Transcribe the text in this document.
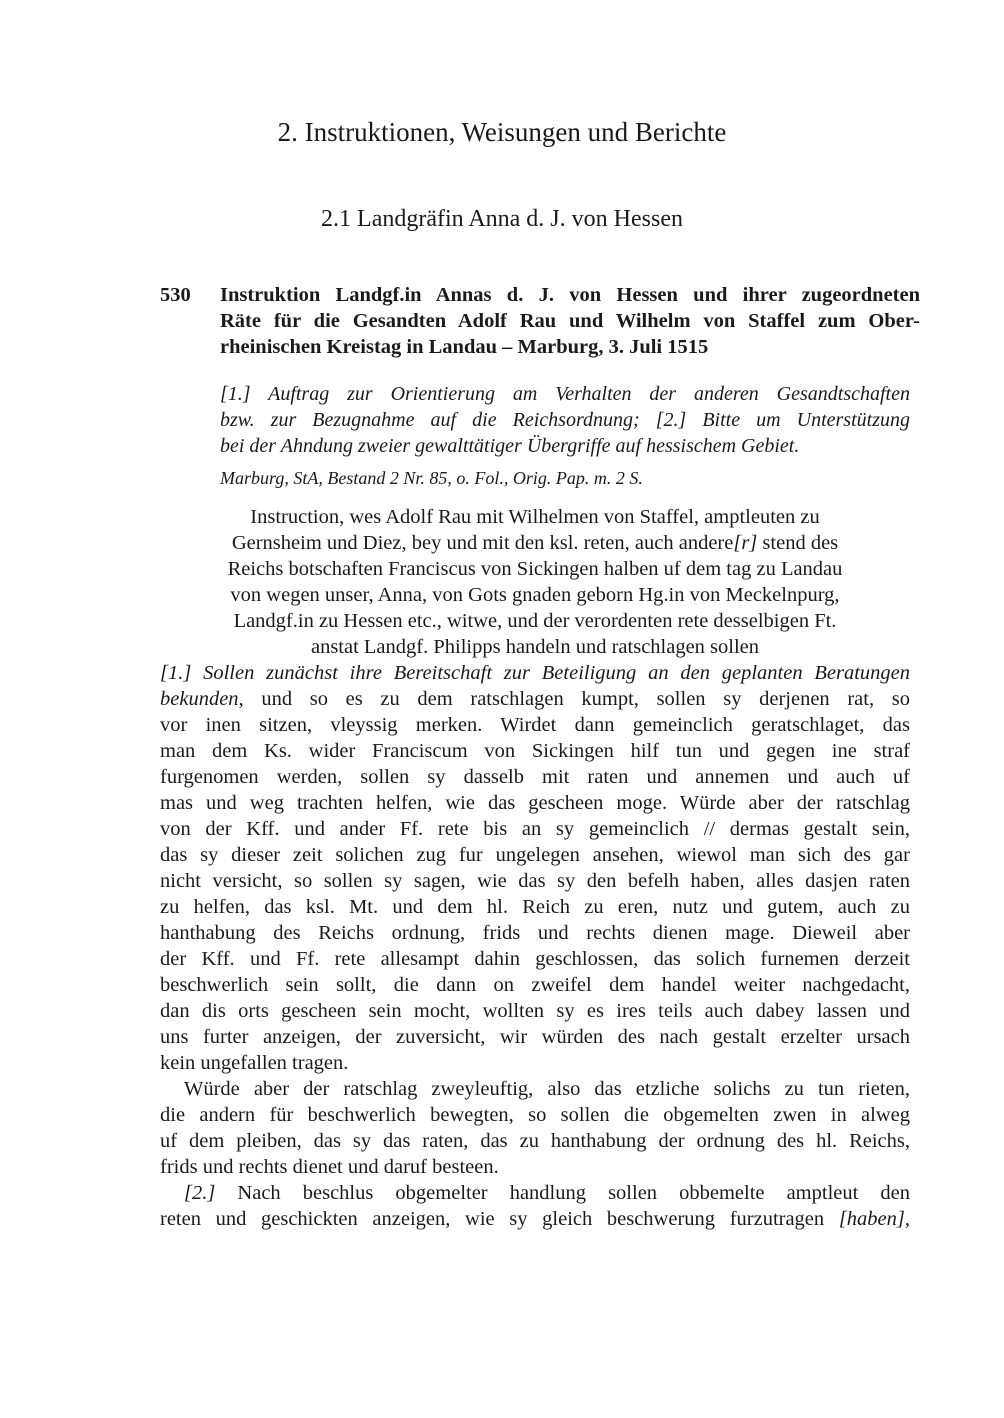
2. Instruktionen, Weisungen und Berichte
2.1 Landgräfin Anna d. J. von Hessen
530 Instruktion Landgf.in Annas d. J. von Hessen und ihrer zugeordneten
Räte für die Gesandten Adolf Rau und Wilhelm von Staffel zum Ober-
rheinischen Kreistag in Landau – Marburg, 3. Juli 1515
[1.] Auftrag zur Orientierung am Verhalten der anderen Gesandtschaften
bzw. zur Bezugnahme auf die Reichsordnung; [2.] Bitte um Unterstützung
bei der Ahndung zweier gewalttätiger Übergriffe auf hessischem Gebiet.
Marburg, StA, Bestand 2 Nr. 85, o. Fol., Orig. Pap. m. 2 S.
Instruction, wes Adolf Rau mit Wilhelmen von Staffel, amptleuten zu
Gernsheim und Diez, bey und mit den ksl. reten, auch andere[r] stend des
Reichs botschaften Franciscus von Sickingen halben uf dem tag zu Landau
von wegen unser, Anna, von Gots gnaden geborn Hg.in von Meckelnpurg,
Landgf.in zu Hessen etc., witwe, und der verordenten rete desselbigen Ft.
anstat Landgf. Philipps handeln und ratschlagen sollen
[1.] Sollen zunächst ihre Bereitschaft zur Beteiligung an den geplanten Beratungen
bekunden, und so es zu dem ratschlagen kumpt, sollen sy derjenen rat, so
vor inen sitzen, vleyssig merken. Wirdet dann gemeinclich geratschlaget, das
man dem Ks. wider Franciscum von Sickingen hilf tun und gegen ine straf
furgenomen werden, sollen sy dasselb mit raten und annemen und auch uf
mas und weg trachten helfen, wie das gescheen moge. Würde aber der ratschlag
von der Kff. und ander Ff. rete bis an sy gemeinclich // dermas gestalt sein,
das sy dieser zeit solichen zug fur ungelegen ansehen, wiewol man sich des gar
nicht versicht, so sollen sy sagen, wie das sy den befelh haben, alles dasjen raten
zu helfen, das ksl. Mt. und dem hl. Reich zu eren, nutz und gutem, auch zu
hanthabung des Reichs ordnung, frids und rechts dienen mage. Dieweil aber
der Kff. und Ff. rete allesampt dahin geschlossen, das solich furnemen derzeit
beschwerlich sein sollt, die dann on zweifel dem handel weiter nachgedacht,
dan dis orts gescheen sein mocht, wollten sy es ires teils auch dabey lassen und
uns furter anzeigen, der zuversicht, wir würden des nach gestalt erzelter ursach
kein ungefallen tragen.
Würde aber der ratschlag zweyleuftig, also das etzliche solichs zu tun rieten,
die andern für beschwerlich bewegten, so sollen die obgemelten zwen in alweg
uf dem pleiben, das sy das raten, das zu hanthabung der ordnung des hl. Reichs,
frids und rechts dienet und daruf besteen.
[2.] Nach beschlus obgemelter handlung sollen obbemelte amptleut den
reten und geschickten anzeigen, wie sy gleich beschwerung furzutragen [haben],
